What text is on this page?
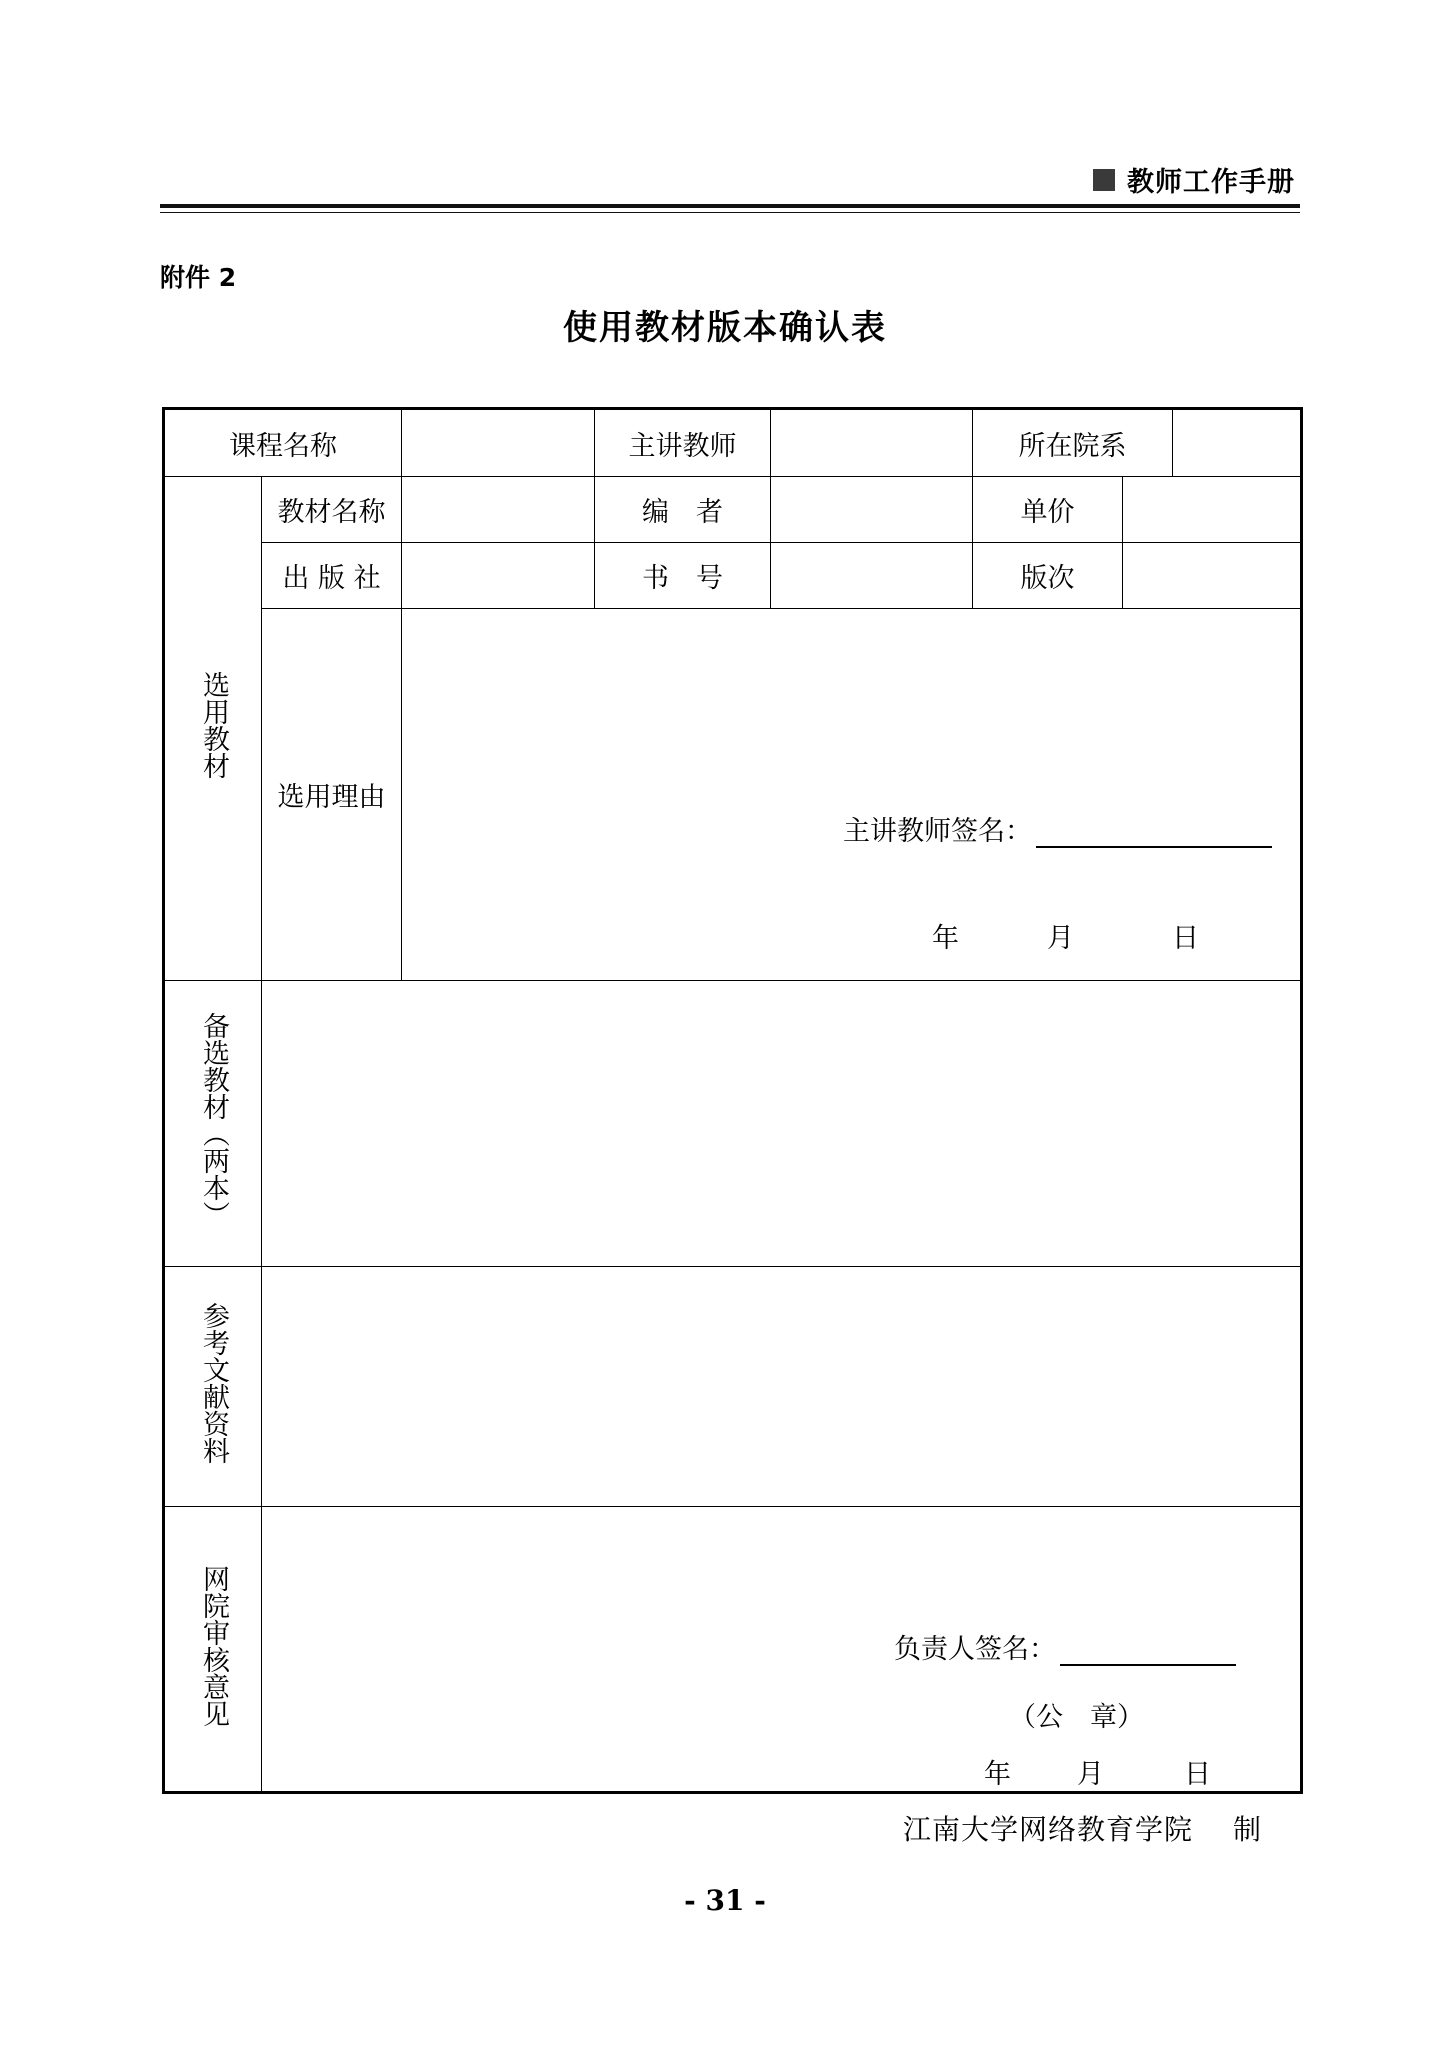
教师工作手册
附件 2
使用教材版本确认表
课程名称			主讲教师		所在院系		
选用教材	教材名称		编　者		单价		
	出 版 社		书　号		版次		
	选用理由	主讲教师签名：
年 月 日					

备选教材（两本）							
参考文献资料							
网院审核意见	负责人签名：
（公　章）
年 月 日						
江南大学网络教育学院 制
- 31 -
